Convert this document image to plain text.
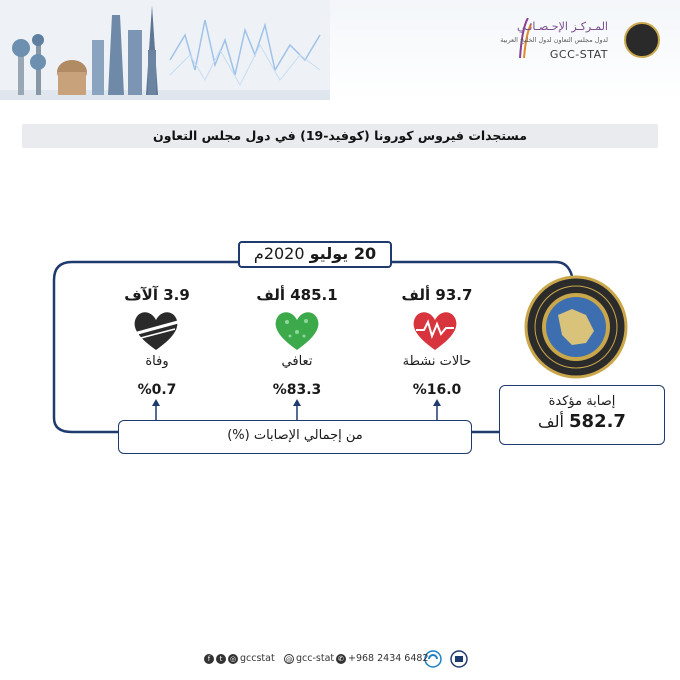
المـركـز الإحـصـائـي
لدول مجلس التعاون لدول الخليج العربية
GCC-STAT
مستجدات فيروس كورونا (كوفيد-19) في دول مجلس التعاون
20 يوليو 2020م
93.7 ألف
حالات نشطة
%16.0
485.1 ألف
تعافي
%83.3
3.9 آلآف
وفاة
%0.7
إصابة مؤكدة
582.7 ألف
من إجمالي الإصابات (%)
✆ +968 2434 6482
@ gcc-stat
f t ◎ gccstat
